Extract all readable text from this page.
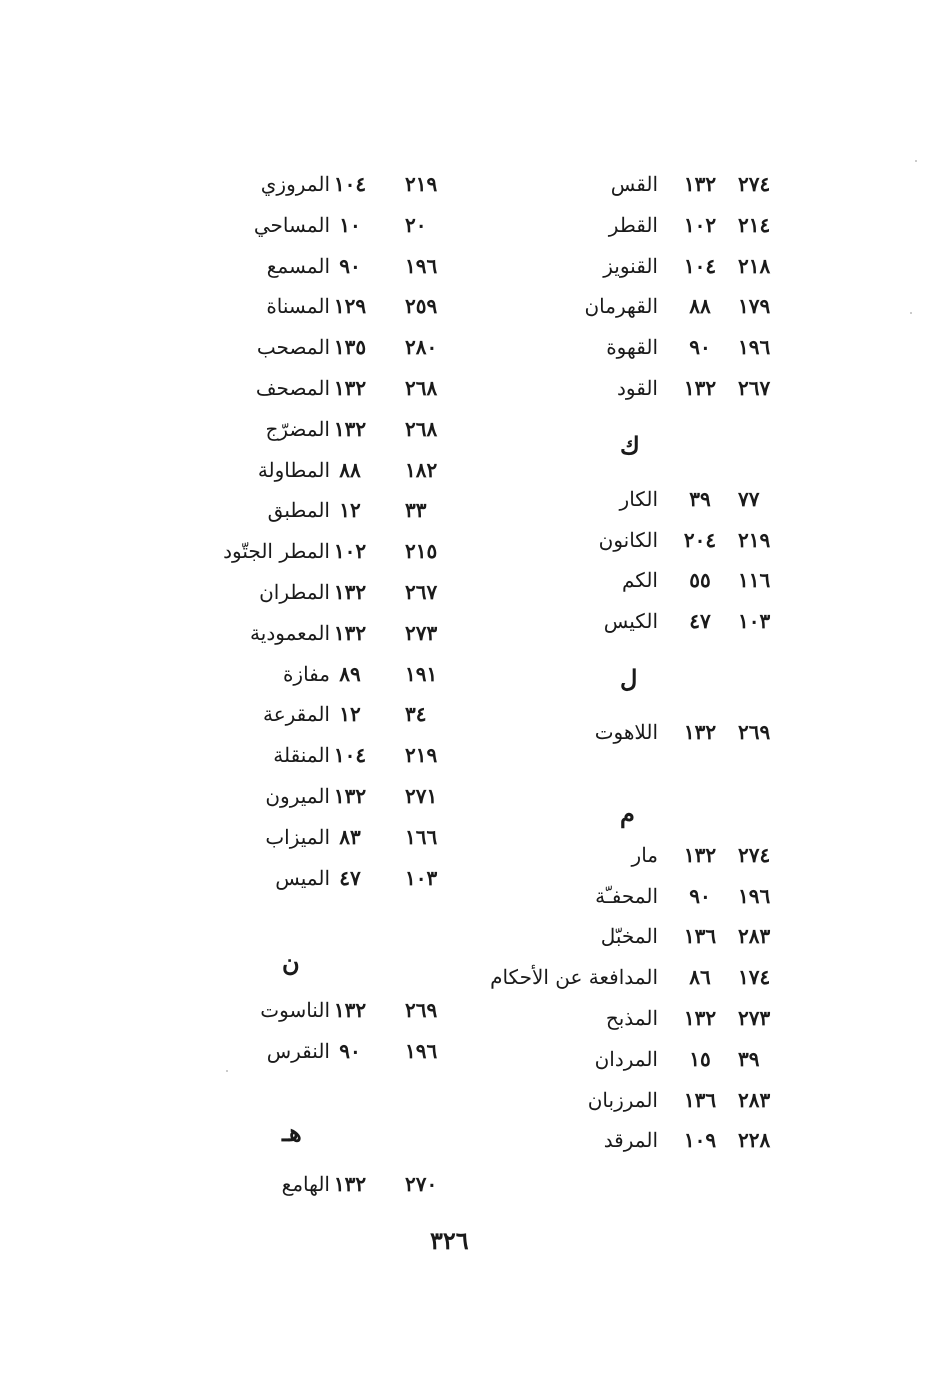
٢٧٤
١٣٢
القس
٢١٤
١٠٢
القطر
٢١٨
١٠٤
القنويز
١٧٩
٨٨
القهرمان
١٩٦
٩٠
القهوة
٢٦٧
١٣٢
القود
ك
٧٧
٣٩
الكار
٢١٩
٢٠٤
الكانون
١١٦
٥٥
الكم
١٠٣
٤٧
الكيس
ل
٢٦٩
١٣٢
اللاهوت
م
٢٧٤
١٣٢
مار
١٩٦
٩٠
المحفـّة
٢٨٣
١٣٦
المخبّل
١٧٤
٨٦
المدافعة عن الأحكام
٢٧٣
١٣٢
المذبح
٣٩
١٥
المردان
٢٨٣
١٣٦
المرزبان
٢٢٨
١٠٩
المرقد
٢١٩
١٠٤
المروزي
٢٠
١٠
المساحي
١٩٦
٩٠
المسمع
٢٥٩
١٢٩
المسناة
٢٨٠
١٣٥
المصحب
٢٦٨
١٣٢
المصحف
٢٦٨
١٣٢
المضرّج
١٨٢
٨٨
المطاولة
٣٣
١٢
المطبق
٢١٥
١٠٢
المطر الجتّود
٢٦٧
١٣٢
المطران
٢٧٣
١٣٢
المعمودية
١٩١
٨٩
مفازة
٣٤
١٢
المقرعة
٢١٩
١٠٤
المنقلة
٢٧١
١٣٢
الميرون
١٦٦
٨٣
الميزاب
١٠٣
٤٧
الميس
ن
٢٦٩
١٣٢
الناسوت
١٩٦
٩٠
النقرس
هـ
٢٧٠
١٣٢
الهامع
٣٢٦
